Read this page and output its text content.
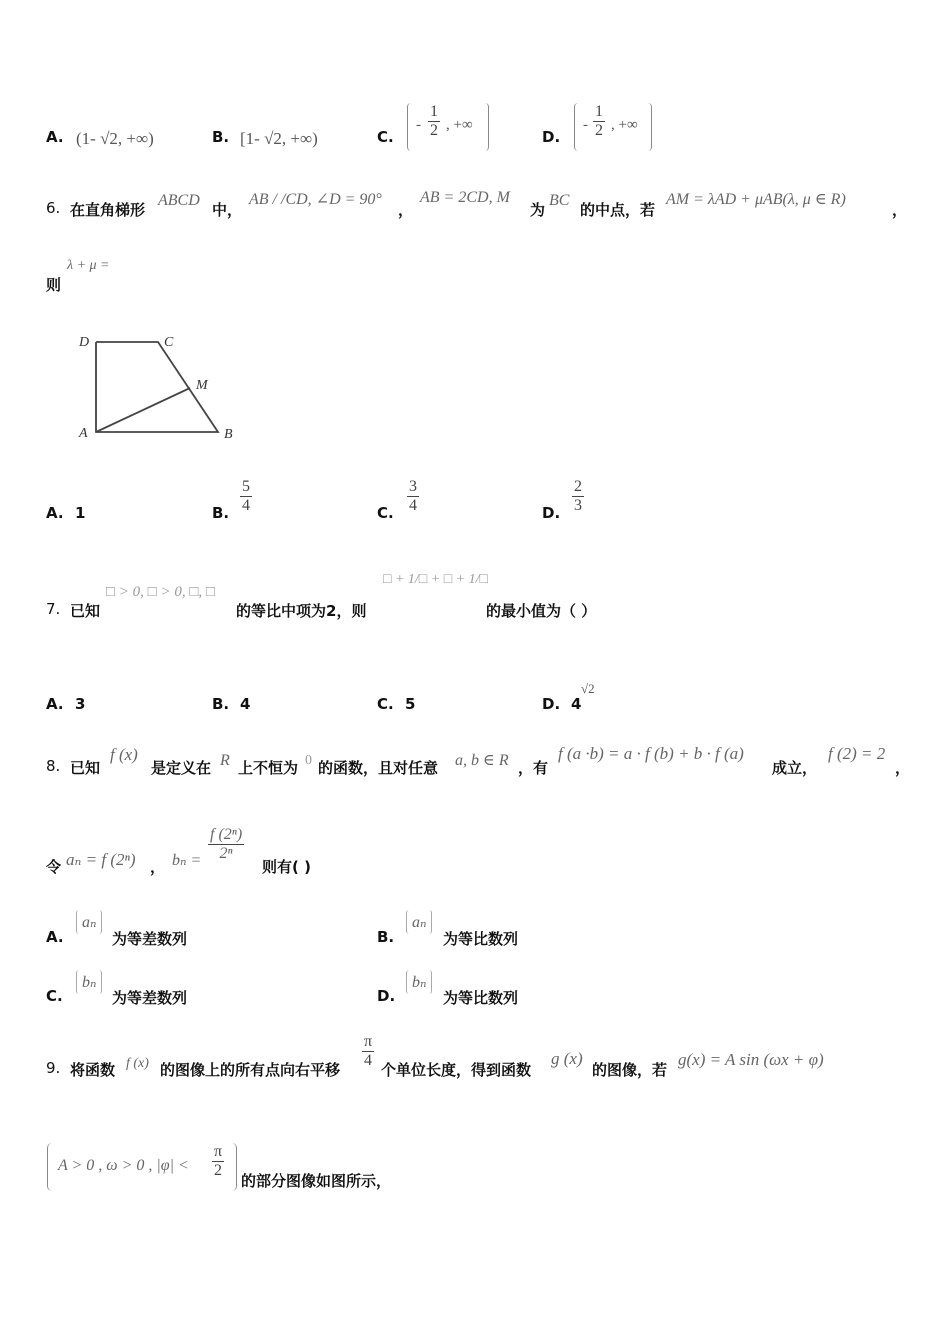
A. (1- √2, +∞)	B. [1- √2, +∞)	C.
- $\frac{1}{2}$ , +∞
D.
- $\frac{1}{2}$ , +∞
6. 在直角梯形
ABCD
中，
AB / /CD, ∠D = 90°
，
AB = 2CD, M
为
BC
的中点，若
AM = λAD + μAB(λ, μ ∈ R)
，
λ + μ =
则
D	C
M
A	B
A. 1	B. $\frac{5}{4}$	C. $\frac{3}{4}$	D. $\frac{2}{3}$
7. 已知
□ > 0, □ > 0, □, □
的等比中项为2，则
□ + 1/□ + □ + 1/□
的最小值为（ ）
A. 3	B. 4	C. 5	D. 4
√2
8. 已知
f (x)
是定义在 R 上不恒为 0 的函数，且对任意 a, b ∈ R ，有
f (a ·b) = a · f (b) + b · f (a)
成立，
f (2) = 2
，
令 aₙ = f (2ⁿ) ， $b_n = \frac{\text{f (2ⁿ)}}{\text{2ⁿ}}$
则有( )
A.
aₙ
为等差数列	B.
aₙ
为等比数列
C.
bₙ
为等差数列	D.
bₙ
为等比数列
9. 将函数 f (x) 的图像上的所有点向右平移 $\frac{\pi}{4}$ 个单位长度，得到函数
g (x)
的图像，若
g(x) = A sin (ωx + φ)
A > 0 , ω > 0 , $|\varphi| < \frac{\pi}{2}$
的部分图像如图所示，
